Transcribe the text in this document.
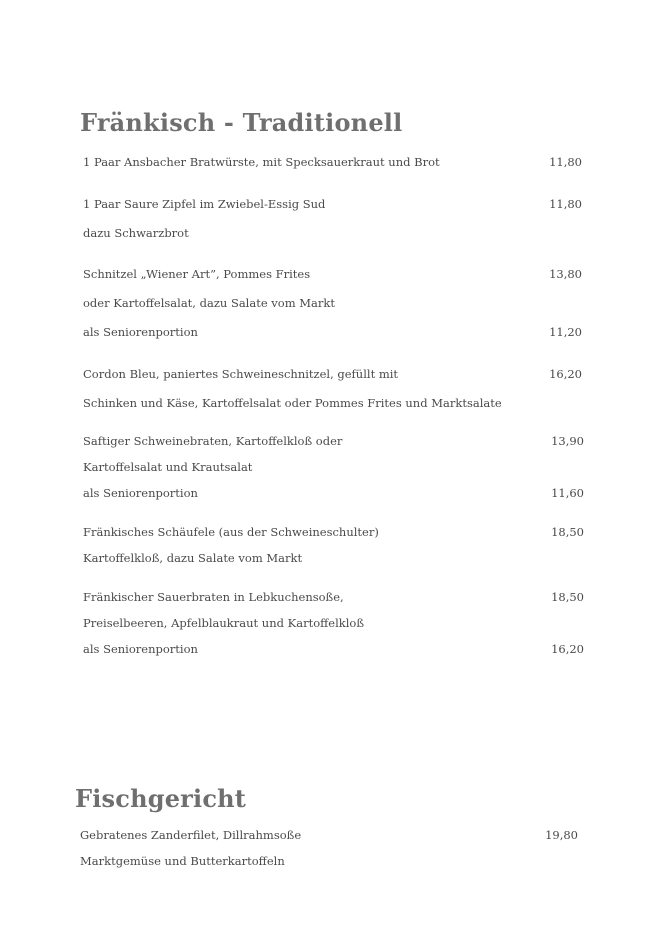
Fränkisch - Traditionell
1 Paar Ansbacher Bratwürste, mit Specksauerkraut und Brot	11,80
1 Paar Saure Zipfel im Zwiebel-Essig Sud	11,80
dazu Schwarzbrot
Schnitzel „Wiener Art”, Pommes Frites	13,80
oder Kartoffelsalat, dazu Salate vom Markt
als Seniorenportion	11,20
Cordon Bleu, paniertes Schweineschnitzel, gefüllt mit	16,20
Schinken und Käse, Kartoffelsalat oder Pommes Frites und Marktsalate
Saftiger Schweinebraten, Kartoffelkloß oder	13,90
Kartoffelsalat und Krautsalat
als Seniorenportion	11,60
Fränkisches Schäufele (aus der Schweineschulter)	18,50
Kartoffelkloß, dazu Salate vom Markt
Fränkischer Sauerbraten in Lebkuchensoße,	18,50
Preiselbeeren, Apfelblaukraut und Kartoffelkloß
als Seniorenportion	16,20
Fischgericht
Gebratenes Zanderfilet, Dillrahmsoße	19,80
Marktgemüse und Butterkartoffeln
